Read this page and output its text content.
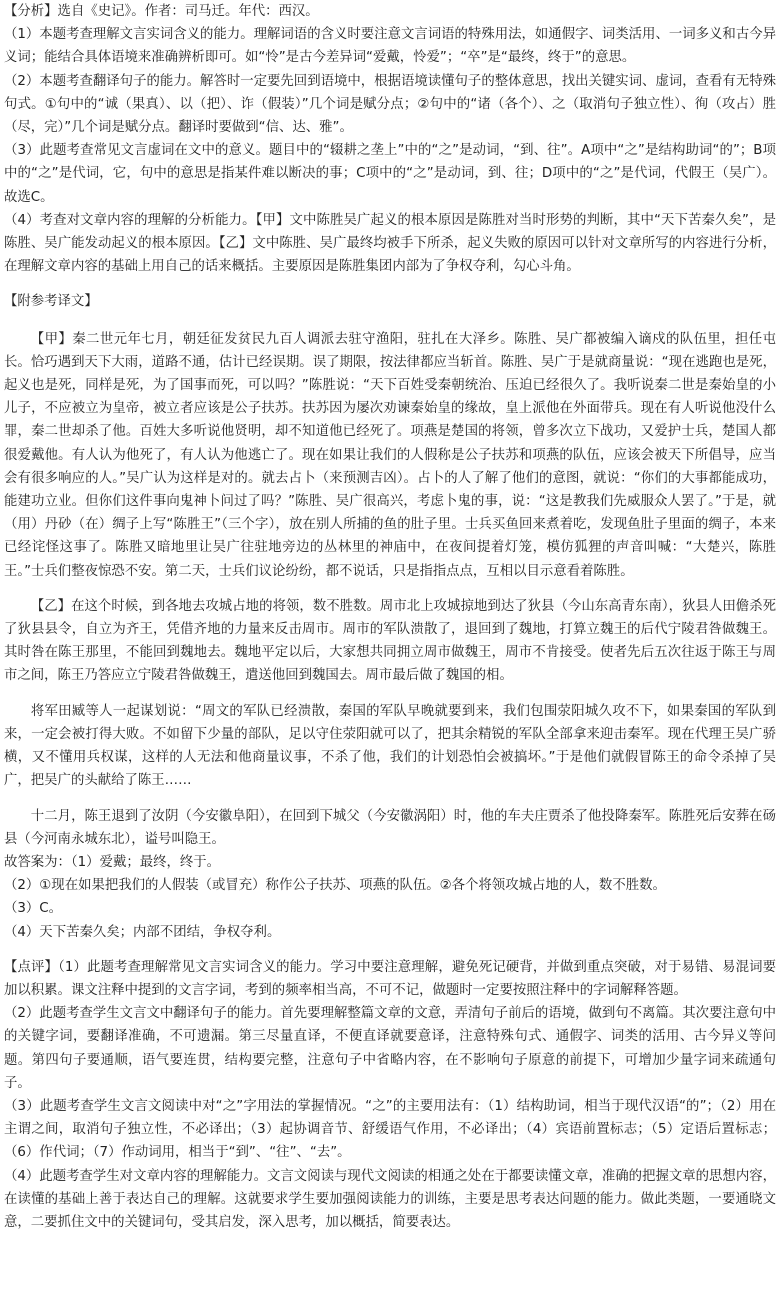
【分析】选自《史记》。作者：司马迁。年代：西汉。

（1）本题考查理解文言实词含义的能力。理解词语的含义时要注意文言词语的特殊用法，如通假字、词类活用、一词多义和古今异义词；能结合具体语境来准确辨析即可。如“怜”是古今差异词“爱戴，怜爱”；“卒”是“最终，终于”的意思。

（2）本题考查翻译句子的能力。解答时一定要先回到语境中，根据语境读懂句子的整体意思，找出关键实词、虚词，查看有无特殊句式。①句中的“诚（果真）、以（把）、诈（假装）”几个词是赋分点；②句中的“诸（各个）、之（取消句子独立性）、徇（攻占）胜（尽，完）”几个词是赋分点。翻译时要做到“信、达、雅”。

（3）此题考查常见文言虚词在文中的意义。题目中的“辍耕之垄上”中的“之”是动词，“到、往”。A项中“之”是结构助词“的”；B项中的“之”是代词，它，句中的意思是指某件难以断决的事；C项中的“之”是动词，到、往；D项中的“之”是代词，代假王（吴广）。故选C。

（4）考查对文章内容的理解的分析能力。【甲】文中陈胜吴广起义的根本原因是陈胜对当时形势的判断，其中“天下苦秦久矣”，是陈胜、吴广能发动起义的根本原因。【乙】文中陈胜、吴广最终均被手下所杀，起义失败的原因可以针对文章所写的内容进行分析，在理解文章内容的基础上用自己的话来概括。主要原因是陈胜集团内部为了争权夺利，勾心斗角。

【附参考译文】

【甲】秦二世元年七月，朝廷征发贫民九百人调派去驻守渔阳，驻扎在大泽乡。陈胜、吴广都被编入谪戍的队伍里，担任屯长。恰巧遇到天下大雨，道路不通，估计已经误期。误了期限，按法律都应当斩首。陈胜、吴广于是就商量说：“现在逃跑也是死，起义也是死，同样是死，为了国事而死，可以吗？”陈胜说：“天下百姓受秦朝统治、压迫已经很久了。我听说秦二世是秦始皇的小儿子，不应被立为皇帝，被立者应该是公子扶苏。扶苏因为屡次劝谏秦始皇的缘故，皇上派他在外面带兵。现在有人听说他没什么罪，秦二世却杀了他。百姓大多听说他贤明，却不知道他已经死了。项燕是楚国的将领，曾多次立下战功，又爱护士兵，楚国人都很爱戴他。有人认为他死了，有人认为他逃亡了。现在如果让我们的人假称是公子扶苏和项燕的队伍，应该会被天下所倡导，应当会有很多响应的人。”吴广认为这样是对的。就去占卜（来预测吉凶）。占卜的人了解了他们的意图，就说：“你们的大事都能成功，能建功立业。但你们这件事向鬼神卜问过了吗？”陈胜、吴广很高兴，考虑卜鬼的事，说：“这是教我们先威服众人罢了。”于是，就（用）丹砂（在）绸子上写“陈胜王”（三个字），放在别人所捕的鱼的肚子里。士兵买鱼回来煮着吃，发现鱼肚子里面的绸子，本来已经诧怪这事了。陈胜又暗地里让吴广往驻地旁边的丛林里的神庙中，在夜间提着灯笼，模仿狐狸的声音叫喊：“大楚兴，陈胜王。”士兵们整夜惊恐不安。第二天，士兵们议论纷纷，都不说话，只是指指点点，互相以目示意看着陈胜。

【乙】在这个时候，到各地去攻城占地的将领，数不胜数。周市北上攻城掠地到达了狄县（今山东高青东南），狄县人田儋杀死了狄县县令，自立为齐王，凭借齐地的力量来反击周市。周市的军队溃散了，退回到了魏地，打算立魏王的后代宁陵君咎做魏王。其时咎在陈王那里，不能回到魏地去。魏地平定以后，大家想共同拥立周市做魏王，周市不肯接受。使者先后五次往返于陈王与周市之间，陈王乃答应立宁陵君咎做魏王，遣送他回到魏国去。周市最后做了魏国的相。

将军田臧等人一起谋划说：“周文的军队已经溃散，秦国的军队早晚就要到来，我们包围荥阳城久攻不下，如果秦国的军队到来，一定会被打得大败。不如留下少量的部队，足以守住荥阳就可以了，把其余精锐的军队全部拿来迎击秦军。现在代理王吴广骄横，又不懂用兵权谋，这样的人无法和他商量议事，不杀了他，我们的计划恐怕会被搞坏。”于是他们就假冒陈王的命令杀掉了吴广，把吴广的头献给了陈王……

十二月，陈王退到了汝阴（今安徽阜阳），在回到下城父（今安徽涡阳）时，他的车夫庄贾杀了他投降秦军。陈胜死后安葬在砀县（今河南永城东北），谥号叫隐王。

故答案为：（1）爱戴；最终，终于。

（2）①现在如果把我们的人假装（或冒充）称作公子扶苏、项燕的队伍。②各个将领攻城占地的人，数不胜数。

（3）C。

（4）天下苦秦久矣；内部不团结，争权夺利。

【点评】（1）此题考查理解常见文言实词含义的能力。学习中要注意理解，避免死记硬背，并做到重点突破，对于易错、易混词要加以积累。课文注释中提到的文言字词，考到的频率相当高，不可不记，做题时一定要按照注释中的字词解释答题。

（2）此题考查学生文言文中翻译句子的能力。首先要理解整篇文章的文意，弄清句子前后的语境，做到句不离篇。其次要注意句中的关键字词，要翻译准确，不可遗漏。第三尽量直译，不便直译就要意译，注意特殊句式、通假字、词类的活用、古今异义等问题。第四句子要通顺，语气要连贯，结构要完整，注意句子中省略内容，在不影响句子原意的前提下，可增加少量字词来疏通句子。

（3）此题考查学生文言文阅读中对“之”字用法的掌握情况。“之”的主要用法有：（1）结构助词，相当于现代汉语“的”；（2）用在主谓之间，取消句子独立性，不必译出；（3）起协调音节、舒缓语气作用，不必译出；（4）宾语前置标志；（5）定语后置标志；（6）作代词；（7）作动词用，相当于“到”、“往”、“去”。

（4）此题考查学生对文章内容的理解能力。文言文阅读与现代文阅读的相通之处在于都要读懂文章，准确的把握文章的思想内容，在读懂的基础上善于表达自己的理解。这就要求学生要加强阅读能力的训练，主要是思考表达问题的能力。做此类题，一要通晓文意，二要抓住文中的关键词句，受其启发，深入思考，加以概括，简要表达。
